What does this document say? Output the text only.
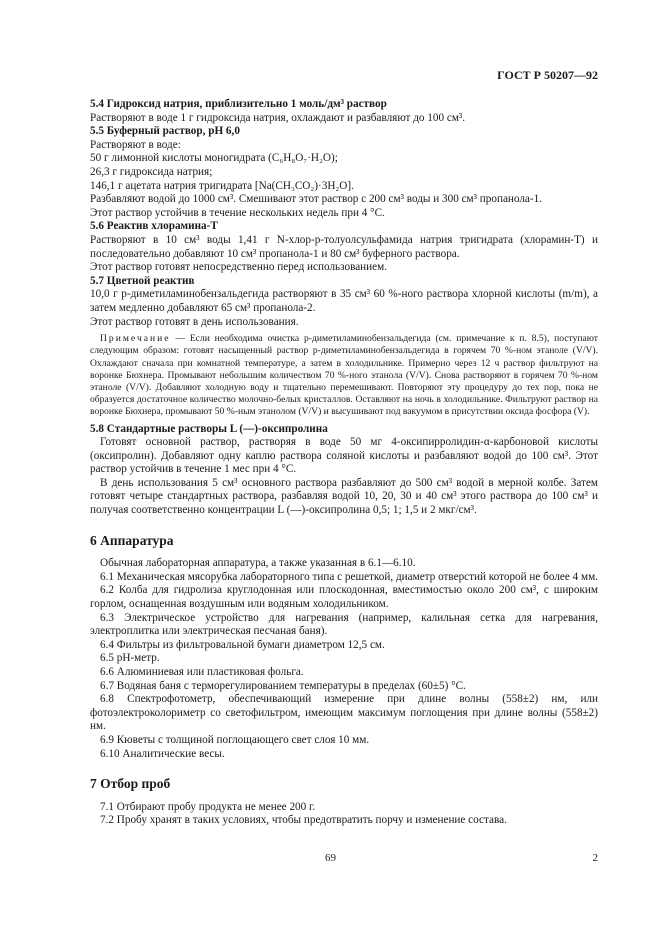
ГОСТ Р 50207—92

5.4 Гидроксид натрия, приблизительно 1 моль/дм³ раствор

Растворяют в воде 1 г гидроксида натрия, охлаждают и разбавляют до 100 см³.

5.5 Буферный раствор, pH 6,0

Растворяют в воде:

50 г лимонной кислоты моногидрата (C₆H₈O₇·H₂O);

26,3 г гидроксида натрия;

146,1 г ацетата натрия тригидрата [Na(CH₃CO₂)·3H₂O].

Разбавляют водой до 1000 см³. Смешивают этот раствор с 200 см³ воды и 300 см³ пропанола-1.

Этот раствор устойчив в течение нескольких недель при 4 °C.

5.6 Реактив хлорамина-Т

Растворяют в 10 см³ воды 1,41 г N-хлор-p-толуолсульфамида натрия тригидрата (хлорамин-Т) и последовательно добавляют 10 см³ пропанола-1 и 80 см³ буферного раствора.

Этот раствор готовят непосредственно перед использованием.

5.7 Цветной реактив

10,0 г p-диметиламинобензальдегида растворяют в 35 см³ 60 %-ного раствора хлорной кислоты (m/m), а затем медленно добавляют 65 см³ пропанола-2.

Этот раствор готовят в день использования.

Примечание — Если необходима очистка p-диметиламинобензальдегида (см. примечание к п. 8.5), поступают следующим образом: готовят насыщенный раствор p-диметиламинобензальдегида в горячем 70 %-ном этаноле (V/V). Охлаждают сначала при комнатной температуре, а затем в холодильнике. Примерно через 12 ч раствор фильтруют на воронке Бюхнера. Промывают небольшим количеством 70 %-ного этанола (V/V). Снова растворяют в горячем 70 %-ном этаноле (V/V). Добавляют холодную воду и тщательно перемешивают. Повторяют эту процедуру до тех пор, пока не образуется достаточное количество молочно-белых кристаллов. Оставляют на ночь в холодильнике. Фильтруют раствор на воронке Бюхнера, промывают 50 %-ным этанолом (V/V) и высушивают под вакуумом в присутствии оксида фосфора (V).

5.8 Стандартные растворы L (—)-оксипролина

Готовят основной раствор, растворяя в воде 50 мг 4-оксипирролидин-α-карбоновой кислоты (оксипролин). Добавляют одну каплю раствора соляной кислоты и разбавляют водой до 100 см³. Этот раствор устойчив в течение 1 мес при 4 °C.

В день использования 5 см³ основного раствора разбавляют до 500 см³ водой в мерной колбе. Затем готовят четыре стандартных раствора, разбавляя водой 10, 20, 30 и 40 см³ этого раствора до 100 см³ и получая соответственно концентрации L (—)-оксипролина 0,5; 1; 1,5 и 2 мкг/см³.

6 Аппаратура

Обычная лабораторная аппаратура, а также указанная в 6.1—6.10.

6.1 Механическая мясорубка лабораторного типа с решеткой, диаметр отверстий которой не более 4 мм.

6.2 Колба для гидролиза круглодонная или плоскодонная, вместимостью около 200 см³, с широким горлом, оснащенная воздушным или водяным холодильником.

6.3 Электрическое устройство для нагревания (например, калильная сетка для нагревания, электроплитка или электрическая песчаная баня).

6.4 Фильтры из фильтровальной бумаги диаметром 12,5 см.

6.5 pH-метр.

6.6 Алюминиевая или пластиковая фольга.

6.7 Водяная баня с терморегулированием температуры в пределах (60±5) °C.

6.8 Спектрофотометр, обеспечивающий измерение при длине волны (558±2) нм, или фотоэлектроколориметр со светофильтром, имеющим максимум поглощения при длине волны (558±2) нм.

6.9 Кюветы с толщиной поглощающего свет слоя 10 мм.

6.10 Аналитические весы.

7 Отбор проб

7.1 Отбирают пробу продукта не менее 200 г.

7.2 Пробу хранят в таких условиях, чтобы предотвратить порчу и изменение состава.

69	2
